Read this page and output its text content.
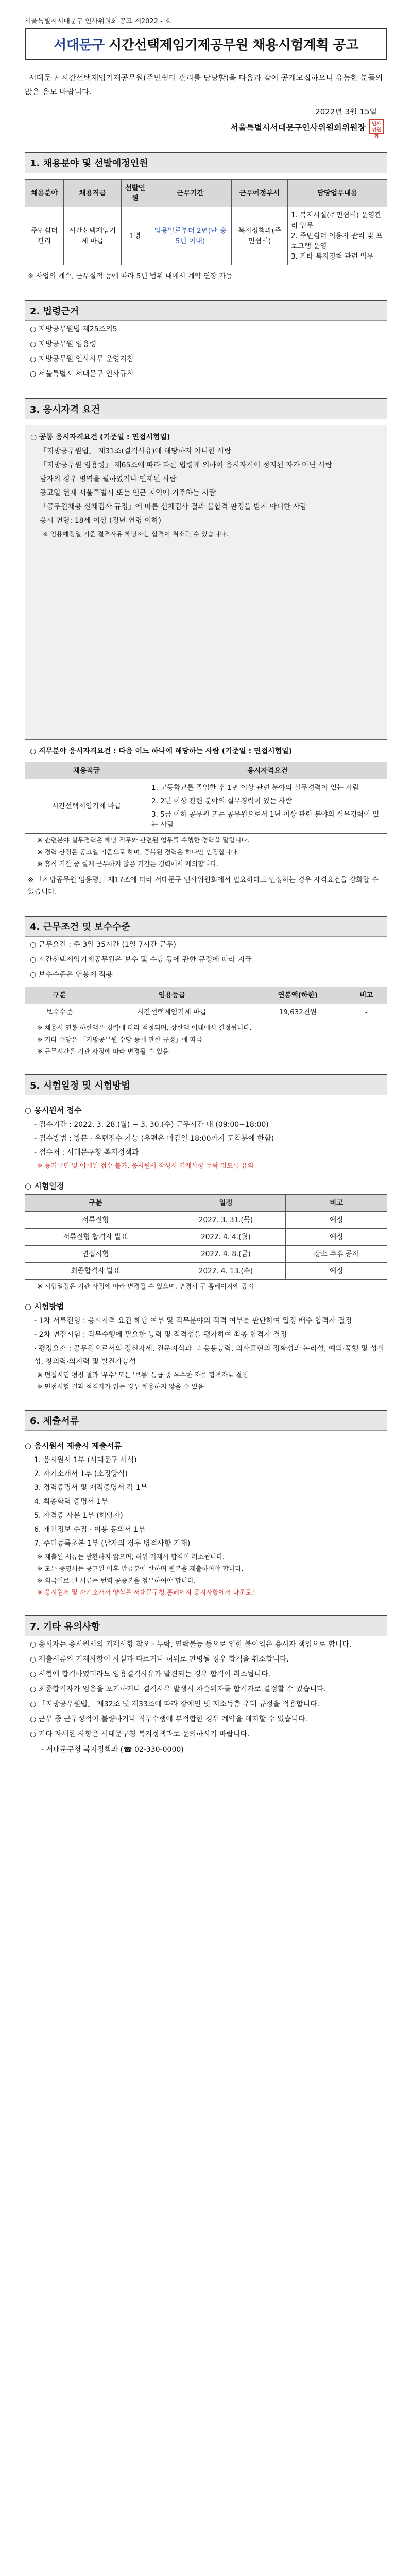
서울특별시서대문구 인사위원회 공고 제2022 - 호
서대문구 시간선택제임기제공무원 채용시험계획 공고

서대문구 시간선택제임기제공무원(주민쉼터 관리를 담당할)을 다음과 같이 공개모집하오니 유능한 분들의 많은 응모 바랍니다.

2022년 3월 15일

서울특별시서대문구인사위원회위원장	인사위원회
1. 채용분야 및 선발예정인원
채용분야	채용직급	선발인원	근무기간	근무예정부서	담당업무내용
주민쉼터 관리	시간선택제임기제 마급	1명	임용일로부터 2년(단 총 5년 이내)	복지정책과(주민쉼터)	1. 복지시설(주민쉼터) 운영관리 업무
2. 주민쉼터 이용자 관리 및 프로그램 운영
3. 기타 복지정책 관련 업무

※ 사업의 계속, 근무실적 등에 따라 5년 범위 내에서 계약 연장 가능

2. 법령근거

○ 지방공무원법 제25조의5

○ 지방공무원 임용령

○ 지방공무원 인사사무 운영지침

○ 서울특별시 서대문구 인사규칙

3. 응시자격 요건

○ 공통 응시자격요건 (기준일 : 면접시험일)

「지방공무원법」 제31조(결격사유)에 해당하지 아니한 사람

「지방공무원 임용령」 제65조에 따라 다른 법령에 의하여 응시자격이 정지된 자가 아닌 사람

남자의 경우 병역을 필하였거나 면제된 사람

공고일 현재 서울특별시 또는 인근 지역에 거주하는 사람

「공무원채용 신체검사 규정」에 따른 신체검사 결과 불합격 판정을 받지 아니한 사람

응시 연령: 18세 이상 (정년 연령 이하)

※ 임용예정일 기준 결격사유 해당자는 합격이 취소될 수 있습니다.

○ 직무분야 응시자격요건 : 다음 어느 하나에 해당하는 사람 (기준일 : 면접시험일)

채용직급	응시자격요건
시간선택제임기제 마급	1. 고등학교를 졸업한 후 1년 이상 관련 분야의 실무경력이 있는 사람

2. 2년 이상 관련 분야의 실무경력이 있는 사람

3. 5급 이하 공무원 또는 공무원으로서 1년 이상 관련 분야의 실무경력이 있는 사람

※ 관련분야 실무경력은 해당 직무와 관련된 업무를 수행한 경력을 말합니다.

※ 경력 산정은 공고일 기준으로 하며, 중복된 경력은 하나만 인정합니다.

※ 휴직 기간 중 실제 근무하지 않은 기간은 경력에서 제외합니다.

※ 「지방공무원 임용령」 제17조에 따라 서대문구 인사위원회에서 필요하다고 인정하는 경우 자격요건을 강화할 수 있습니다.

4. 근무조건 및 보수수준

○ 근무요건 : 주 3일 35시간 (1일 7시간 근무)

○ 시간선택제임기제공무원은 보수 및 수당 등에 관한 규정에 따라 지급

○ 보수수준은 연봉제 적용

구분	임용등급	연봉액(하한)	비고
보수수준	시간선택제임기제 마급	19,632천원	-

※ 채용시 연봉 하한액은 경력에 따라 책정되며, 상한액 이내에서 결정됩니다.

※ 기타 수당은 「지방공무원 수당 등에 관한 규정」에 따름

※ 근무시간은 기관 사정에 따라 변경될 수 있음

5. 시험일정 및 시험방법

○ 응시원서 접수

- 접수기간 : 2022. 3. 28.(월) ~ 3. 30.(수) 근무시간 내 (09:00~18:00)

- 접수방법 : 방문 · 우편접수 가능 (우편은 마감일 18:00까지 도착분에 한함)

- 접수처 : 서대문구청 복지정책과

※ 등기우편 및 이메일 접수 불가, 응시원서 작성시 기재사항 누락 없도록 유의

○ 시험일정

구분	일정	비고
서류전형	2022. 3. 31.(목)	예정
서류전형 합격자 발표	2022. 4. 4.(월)	예정
면접시험	2022. 4. 8.(금)	장소 추후 공지
최종합격자 발표	2022. 4. 13.(수)	예정

※ 시험일정은 기관 사정에 따라 변경될 수 있으며, 변경시 구 홈페이지에 공지

○ 시험방법

- 1차 서류전형 : 응시자격 요건 해당 여부 및 직무분야의 적격 여부를 판단하여 일정 배수 합격자 결정

- 2차 면접시험 : 직무수행에 필요한 능력 및 적격성을 평가하여 최종 합격자 결정

· 평정요소 : 공무원으로서의 정신자세, 전문지식과 그 응용능력, 의사표현의 정확성과 논리성, 예의·품행 및 성실성, 창의력·의지력 및 발전가능성

※ 면접시험 평정 결과 '우수' 또는 '보통' 등급 중 우수한 자를 합격자로 결정

※ 면접시험 결과 적격자가 없는 경우 채용하지 않을 수 있음

6. 제출서류

○ 응시원서 제출시 제출서류

1. 응시원서 1부 (서대문구 서식)

2. 자기소개서 1부 (소정양식)

3. 경력증명서 및 재직증명서 각 1부

4. 최종학력 증명서 1부

5. 자격증 사본 1부 (해당자)

6. 개인정보 수집 · 이용 동의서 1부

7. 주민등록초본 1부 (남자의 경우 병적사항 기재)

※ 제출된 서류는 반환하지 않으며, 허위 기재시 합격이 취소됩니다.

※ 모든 증명서는 공고일 이후 발급분에 한하며 원본을 제출하여야 합니다.

※ 외국어로 된 서류는 번역 공증본을 첨부하여야 합니다.

※ 응시원서 및 자기소개서 양식은 서대문구청 홈페이지 공지사항에서 다운로드

7. 기타 유의사항

○ 응시자는 응시원서의 기재사항 착오 · 누락, 연락불능 등으로 인한 불이익은 응시자 책임으로 합니다.

○ 제출서류의 기재사항이 사실과 다르거나 허위로 판명될 경우 합격을 취소합니다.

○ 시험에 합격하였더라도 임용결격사유가 발견되는 경우 합격이 취소됩니다.

○ 최종합격자가 임용을 포기하거나 결격사유 발생시 차순위자를 합격자로 결정할 수 있습니다.

○ 「지방공무원법」 제32조 및 제33조에 따라 장애인 및 저소득층 우대 규정을 적용합니다.

○ 근무 중 근무성적이 불량하거나 직무수행에 부적합한 경우 계약을 해지할 수 있습니다.

○ 기타 자세한 사항은 서대문구청 복지정책과로 문의하시기 바랍니다.

- 서대문구청 복지정책과 (☎ 02-330-0000)
